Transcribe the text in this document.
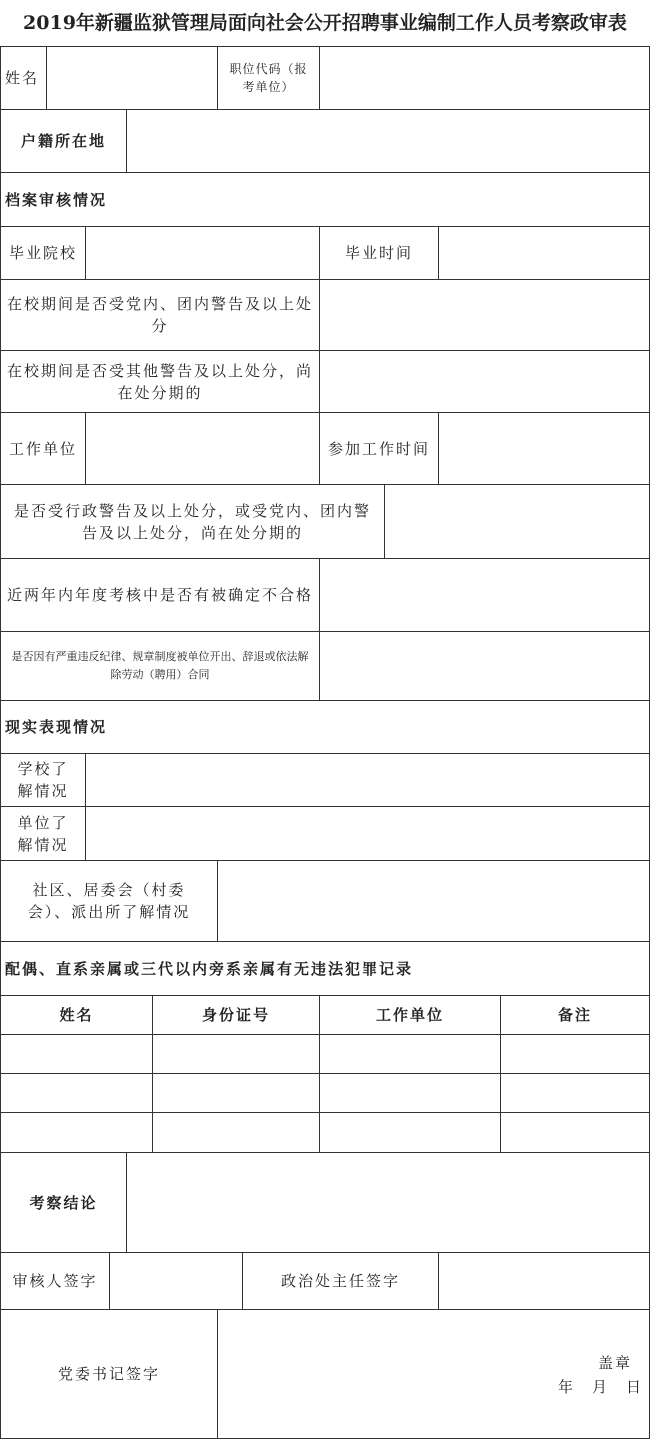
2019年新疆监狱管理局面向社会公开招聘事业编制工作人员考察政审表
姓名	职位代码（报考单位）
户籍所在地
档案审核情况
毕业院校	毕业时间
在校期间是否受党内、团内警告及以上处分
在校期间是否受其他警告及以上处分，尚在处分期的
工作单位	参加工作时间
是否受行政警告及以上处分，或受党内、团内警告及以上处分，尚在处分期的
近两年内年度考核中是否有被确定不合格
是否因有严重违反纪律、规章制度被单位开出、辞退或依法解除劳动（聘用）合同
现实表现情况
学校了解情况
单位了解情况
社区、居委会（村委会）、派出所了解情况
配偶、直系亲属或三代以内旁系亲属有无违法犯罪记录
姓名	身份证号	工作单位	备注
考察结论
审核人签字	政治处主任签字
党委书记签字
盖章
年　月　日
